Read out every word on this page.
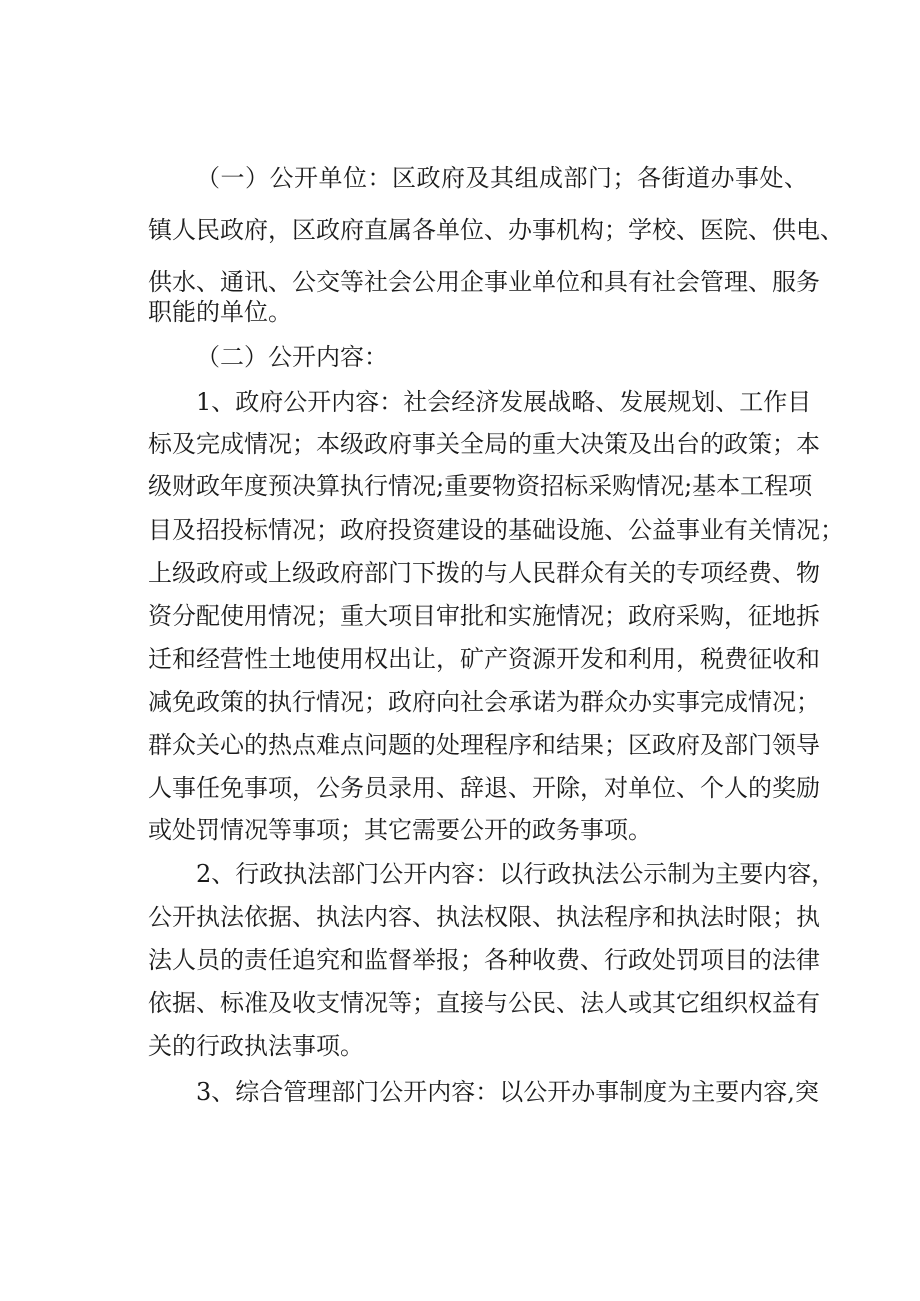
（一）公开单位：区政府及其组成部门；各街道办事处、
镇人民政府，区政府直属各单位、办事机构；学校、医院、供电、
供水、通讯、公交等社会公用企事业单位和具有社会管理、服务
职能的单位。
（二）公开内容：
1、政府公开内容：社会经济发展战略、发展规划、工作目
标及完成情况；本级政府事关全局的重大决策及出台的政策；本
级财政年度预决算执行情况;重要物资招标采购情况;基本工程项
目及招投标情况；政府投资建设的基础设施、公益事业有关情况；
上级政府或上级政府部门下拨的与人民群众有关的专项经费、物
资分配使用情况；重大项目审批和实施情况；政府采购，征地拆
迁和经营性土地使用权出让，矿产资源开发和利用，税费征收和
减免政策的执行情况；政府向社会承诺为群众办实事完成情况；
群众关心的热点难点问题的处理程序和结果；区政府及部门领导
人事任免事项，公务员录用、辞退、开除，对单位、个人的奖励
或处罚情况等事项；其它需要公开的政务事项。
2、行政执法部门公开内容：以行政执法公示制为主要内容，
公开执法依据、执法内容、执法权限、执法程序和执法时限；执
法人员的责任追究和监督举报；各种收费、行政处罚项目的法律
依据、标准及收支情况等；直接与公民、法人或其它组织权益有
关的行政执法事项。
3、综合管理部门公开内容：以公开办事制度为主要内容,突
